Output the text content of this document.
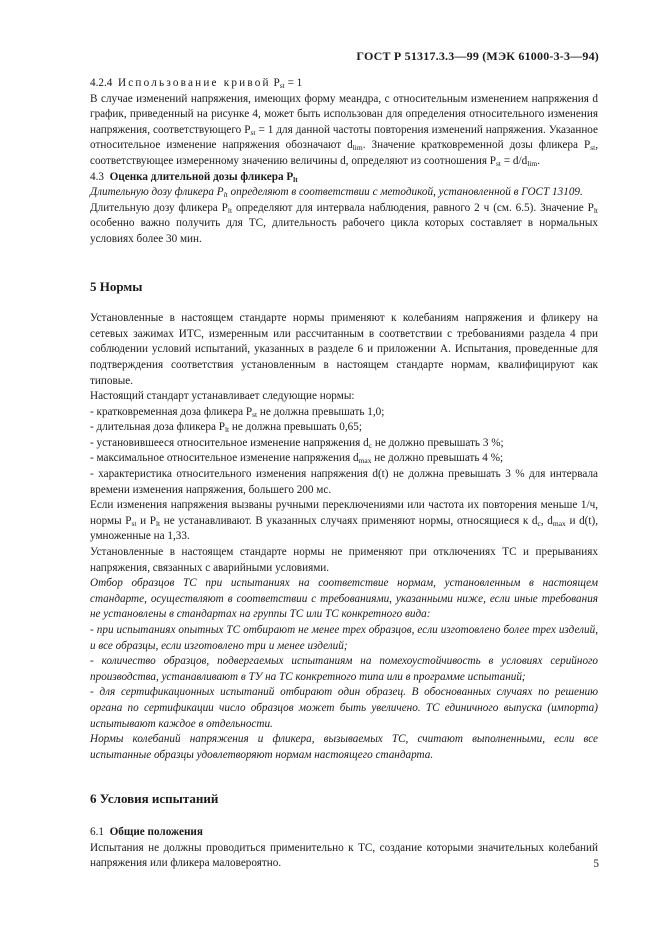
ГОСТ Р 51317.3.3—99 (МЭК 61000-3-3—94)

4.2.4 Использование кривой $P_{st} = 1$

В случае изменений напряжения, имеющих форму меандра, с относительным изменением напряжения d график, приведенный на рисунке 4, может быть использован для определения относительного изменения напряжения, соответствующего $P_{st} = 1$ для данной частоты повторения изменений напряжения. Указанное относительное изменение напряжения обозначают $d_{lim}$. Значение кратковременной дозы фликера $P_{st}$, соответствующее измеренному значению величины d, определяют из соотношения $P_{st} = d/d_{lim}$.

4.3 Оценка длительной дозы фликера $P_{lt}$

Длительную дозу фликера $P_{lt}$ определяют в соответствии с методикой, установленной в ГОСТ 13109.

Длительную дозу фликера $P_{lt}$ определяют для интервала наблюдения, равного 2 ч (см. 6.5). Значение $P_{lt}$ особенно важно получить для ТС, длительность рабочего цикла которых составляет в нормальных условиях более 30 мин.

5 Нормы

Установленные в настоящем стандарте нормы применяют к колебаниям напряжения и фликеру на сетевых зажимах ИТС, измеренным или рассчитанным в соответствии с требованиями раздела 4 при соблюдении условий испытаний, указанных в разделе 6 и приложении А. Испытания, проведенные для подтверждения соответствия установленным в настоящем стандарте нормам, квалифицируют как типовые.

Настоящий стандарт устанавливает следующие нормы:

- кратковременная доза фликера $P_{st}$ не должна превышать 1,0;

- длительная доза фликера $P_{lt}$ не должна превышать 0,65;

- установившееся относительное изменение напряжения $d_c$ не должно превышать 3 %;

- максимальное относительное изменение напряжения $d_{max}$ не должно превышать 4 %;

- характеристика относительного изменения напряжения d(t) не должна превышать 3 % для интервала времени изменения напряжения, большего 200 мс.

Если изменения напряжения вызваны ручными переключениями или частота их повторения меньше 1/ч, нормы $P_{st}$ и $P_{lt}$ не устанавливают. В указанных случаях применяют нормы, относящиеся к $d_c$, $d_{max}$ и d(t), умноженные на 1,33.

Установленные в настоящем стандарте нормы не применяют при отключениях ТС и прерываниях напряжения, связанных с аварийными условиями.

Отбор образцов ТС при испытаниях на соответствие нормам, установленным в настоящем стандарте, осуществляют в соответствии с требованиями, указанными ниже, если иные требования не установлены в стандартах на группы ТС или ТС конкретного вида:

- при испытаниях опытных ТС отбирают не менее трех образцов, если изготовлено более трех изделий, и все образцы, если изготовлено три и менее изделий;

- количество образцов, подвергаемых испытаниям на помехоустойчивость в условиях серийного производства, устанавливают в ТУ на ТС конкретного типа или в программе испытаний;

- для сертификационных испытаний отбирают один образец. В обоснованных случаях по решению органа по сертификации число образцов может быть увеличено. ТС единичного выпуска (импорта) испытывают каждое в отдельности.

Нормы колебаний напряжения и фликера, вызываемых ТС, считают выполненными, если все испытанные образцы удовлетворяют нормам настоящего стандарта.

6 Условия испытаний

6.1 Общие положения

Испытания не должны проводиться применительно к ТС, создание которыми значительных колебаний напряжения или фликера маловероятно.	5
